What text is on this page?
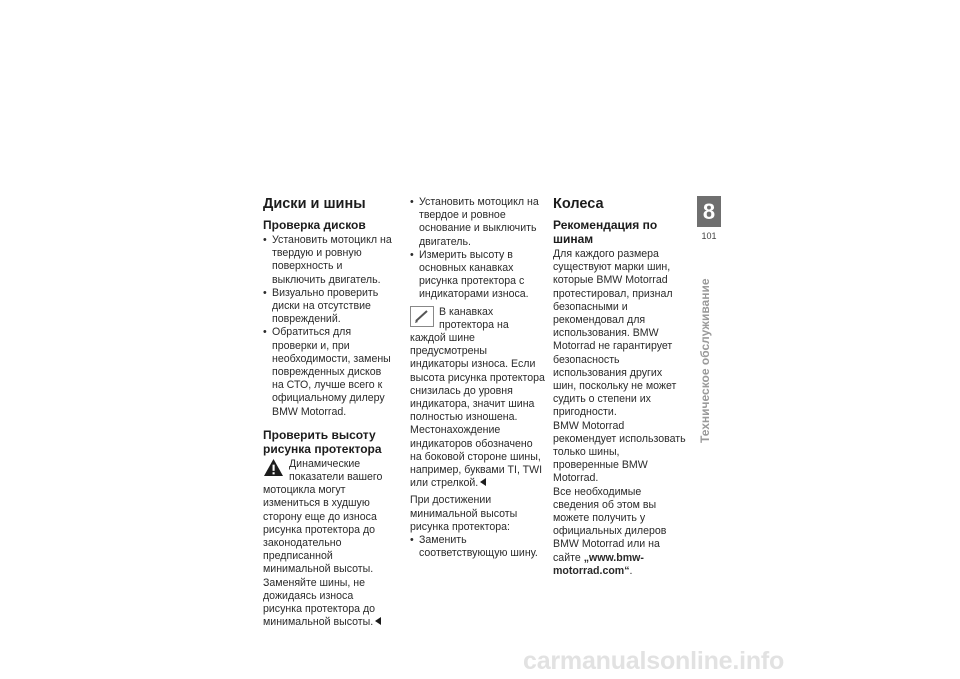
Диски и шины
Проверка дисков
• Установить мотоцикл на твердую и ровную поверхность и выключить двигатель.
• Визуально проверить диски на отсутствие повреждений.
• Обратиться для проверки и, при необходимости, замены поврежденных дисков на СТО, лучше всего к официальному дилеру BMW Motorrad.
Проверить высоту рисунка протектора
Динамические показатели вашего мотоцикла могут измениться в худшую сторону еще до износа рисунка протектора до законодательно предписанной минимальной высоты. Заменяйте шины, не дожидаясь износа рисунка протектора до минимальной высоты.
• Установить мотоцикл на твердое и ровное основание и выключить двигатель.
• Измерить высоту в основных канавках рисунка протектора с индикаторами износа.
В канавках протектора на каждой шине предусмотрены индикаторы износа. Если высота рисунка протектора снизилась до уровня индикатора, значит шина полностью изношена. Местонахождение индикаторов обозначено на боковой стороне шины, например, буквами TI, TWI или стрелкой.

При достижении минимальной высоты рисунка протектора:

• Заменить соответствующую шину.
Колеса
Рекомендация по шинам

Для каждого размера существуют марки шин, которые BMW Motorrad протестировал, признал безопасными и рекомендовал для использования. BMW Motorrad не гарантирует безопасность использования других шин, поскольку не может судить о степени их пригодности.

BMW Motorrad рекомендует использовать только шины, проверенные BMW Motorrad.

Все необходимые сведения об этом вы можете получить у официальных дилеров BMW Motorrad или на сайте „www.bmw-motorrad.com“.

8
101
Техническое обслуживание
carmanualsonline.info
